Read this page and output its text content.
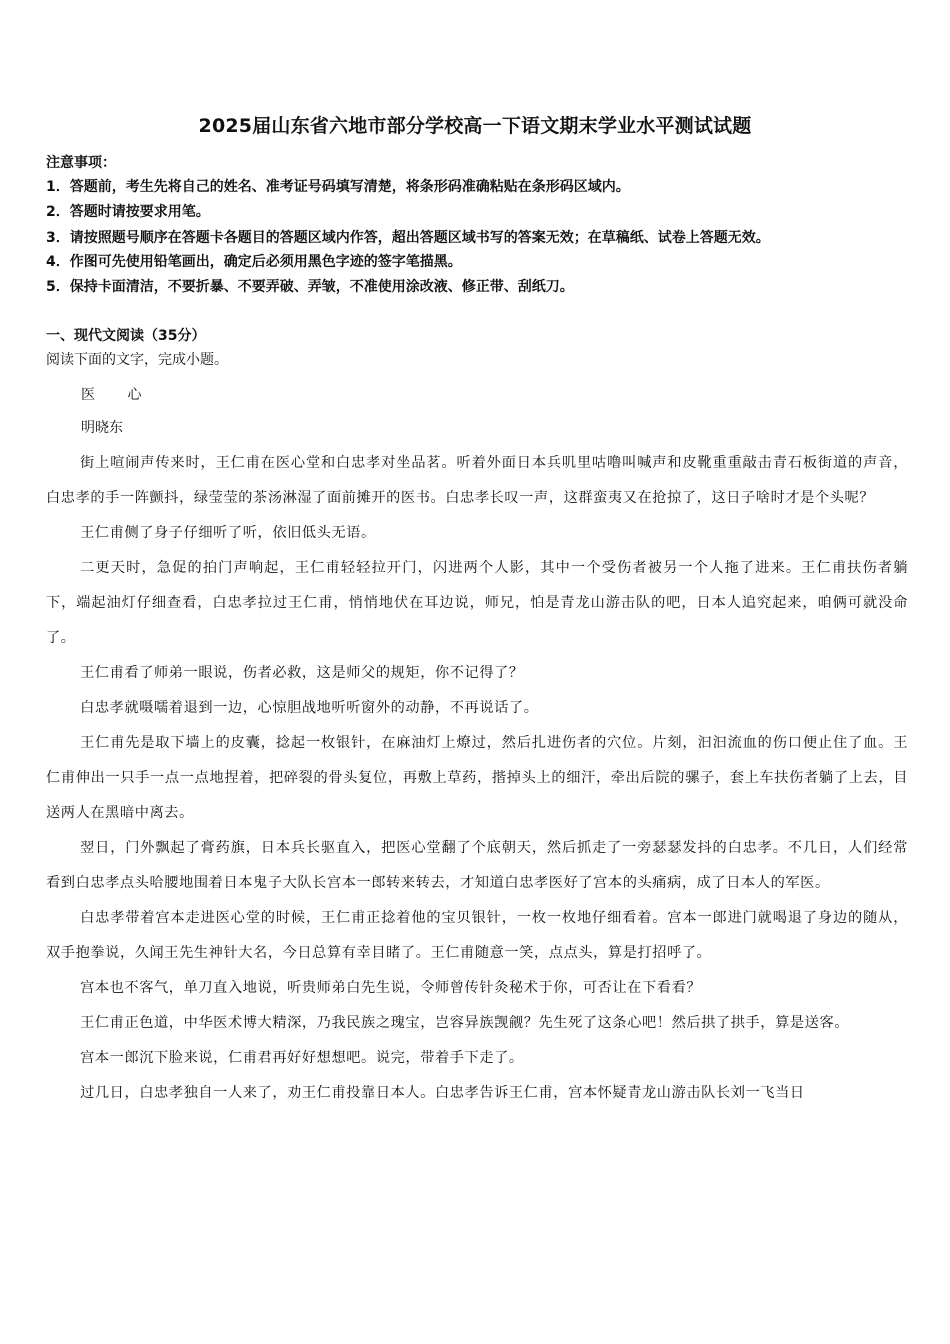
2025届山东省六地市部分学校高一下语文期末学业水平测试试题
注意事项：
1．答题前，考生先将自己的姓名、准考证号码填写清楚，将条形码准确粘贴在条形码区域内。
2．答题时请按要求用笔。
3．请按照题号顺序在答题卡各题目的答题区域内作答，超出答题区域书写的答案无效；在草稿纸、试卷上答题无效。
4．作图可先使用铅笔画出，确定后必须用黑色字迹的签字笔描黑。
5．保持卡面清洁，不要折暴、不要弄破、弄皱，不准使用涂改液、修正带、刮纸刀。
一、现代文阅读（35分）
阅读下面的文字，完成小题。
医 心
明晓东

街上喧闹声传来时，王仁甫在医心堂和白忠孝对坐品茗。听着外面日本兵叽里咕噜叫喊声和皮靴重重敲击青石板街道的声音，白忠孝的手一阵颤抖，绿莹莹的茶汤淋湿了面前摊开的医书。白忠孝长叹一声，这群蛮夷又在抢掠了，这日子啥时才是个头呢？

王仁甫侧了身子仔细听了听，依旧低头无语。

二更天时，急促的拍门声响起，王仁甫轻轻拉开门，闪进两个人影，其中一个受伤者被另一个人拖了进来。王仁甫扶伤者躺下，端起油灯仔细查看，白忠孝拉过王仁甫，悄悄地伏在耳边说，师兄，怕是青龙山游击队的吧，日本人追究起来，咱俩可就没命了。

王仁甫看了师弟一眼说，伤者必救，这是师父的规矩，你不记得了？

白忠孝就嗫嚅着退到一边，心惊胆战地听听窗外的动静，不再说话了。

王仁甫先是取下墙上的皮囊，捻起一枚银针，在麻油灯上燎过，然后扎进伤者的穴位。片刻，汩汩流血的伤口便止住了血。王仁甫伸出一只手一点一点地捏着，把碎裂的骨头复位，再敷上草药，揩掉头上的细汗，牵出后院的骡子，套上车扶伤者躺了上去，目送两人在黑暗中离去。

翌日，门外飘起了膏药旗，日本兵长驱直入，把医心堂翻了个底朝天，然后抓走了一旁瑟瑟发抖的白忠孝。不几日，人们经常看到白忠孝点头哈腰地围着日本鬼子大队长宫本一郎转来转去，才知道白忠孝医好了宫本的头痛病，成了日本人的军医。

白忠孝带着宫本走进医心堂的时候，王仁甫正捻着他的宝贝银针，一枚一枚地仔细看着。宫本一郎进门就喝退了身边的随从，双手抱拳说，久闻王先生神针大名，今日总算有幸目睹了。王仁甫随意一笑，点点头，算是打招呼了。

宫本也不客气，单刀直入地说，听贵师弟白先生说，令师曾传针灸秘术于你，可否让在下看看？

王仁甫正色道，中华医术博大精深，乃我民族之瑰宝，岂容异族觊觎？先生死了这条心吧！然后拱了拱手，算是送客。

宫本一郎沉下脸来说，仁甫君再好好想想吧。说完，带着手下走了。

过几日，白忠孝独自一人来了，劝王仁甫投靠日本人。白忠孝告诉王仁甫，宫本怀疑青龙山游击队长刘一飞当日
